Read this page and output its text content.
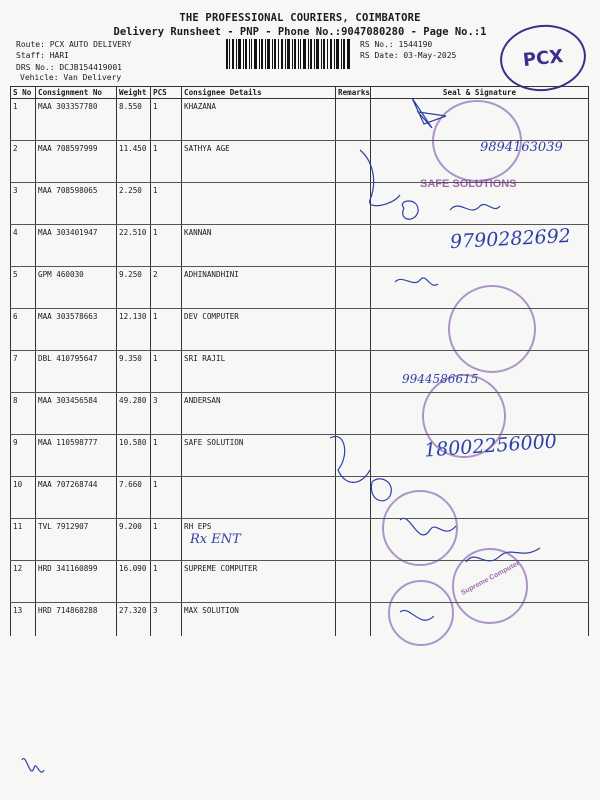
THE PROFESSIONAL COURIERS, COIMBATORE
Delivery Runsheet - PNP - Phone No.:9047080280 - Page No.:1
Route: PCX AUTO DELIVERY
Staff: HARI
DRS No.: DCJB154419001
Vehicle: Van Delivery
RS No.: 1544190
RS Date: 03-May-2025	PCX
S No	Consignment No	Weight	PCS	Consignee Details	Remarks	Seal & Signature
1	MAA 303357780	8.550	1	KHAZANA		
2	MAA 708597999	11.450	1	SATHYA AGE		
3	MAA 708598065	2.250	1			
4	MAA 303401947	22.510	1	KANNAN		
5	GPM 460030	9.250	2	ADHINANDHINI		
6	MAA 303578663	12.130	1	DEV COMPUTER		
7	DBL 410795647	9.350	1	SRI RAJIL		
8	MAA 303456584	49.280	3	ANDERSAN		
9	MAA 110598777	10.580	1	SAFE SOLUTION		
10	MAA 707268744	7.660	1			
11	TVL 7912907	9.200	1	RH EPS		
12	HRD 341160899	16.090	1	SUPREME COMPUTER		
13	HRD 714868288	27.320	3	MAX SOLUTION		
SAFE SOLUTIONS
Supreme Computer
9894163039
9790282692
9944586615
18002256000
Rx ENT
